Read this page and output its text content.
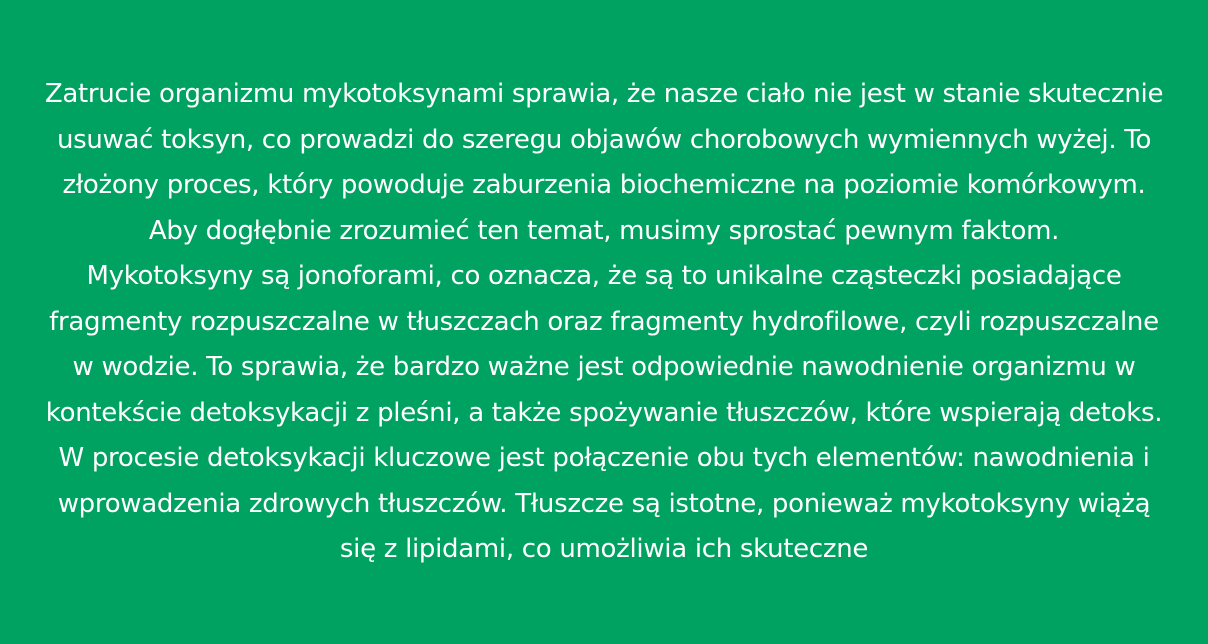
Zatrucie organizmu mykotoksynami sprawia, że nasze ciało nie jest w stanie skutecznie usuwać toksyn, co prowadzi do szeregu objawów chorobowych wymiennych wyżej. To złożony proces, który powoduje zaburzenia biochemiczne na poziomie komórkowym. Aby dogłębnie zrozumieć ten temat, musimy sprostać pewnym faktom.

Mykotoksyny są jonoforami, co oznacza, że są to unikalne cząsteczki posiadające fragmenty rozpuszczalne w tłuszczach oraz fragmenty hydrofilowe, czyli rozpuszczalne w wodzie. To sprawia, że bardzo ważne jest odpowiednie nawodnienie organizmu w kontekście detoksykacji z pleśni, a także spożywanie tłuszczów, które wspierają detoks.

W procesie detoksykacji kluczowe jest połączenie obu tych elementów: nawodnienia i wprowadzenia zdrowych tłuszczów. Tłuszcze są istotne, ponieważ mykotoksyny wiążą się z lipidami, co umożliwia ich skuteczne
